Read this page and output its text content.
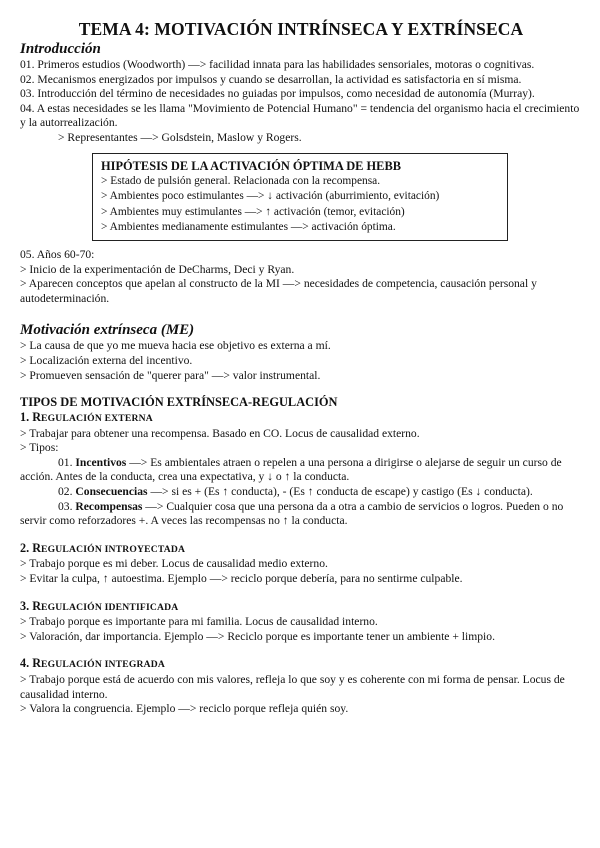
TEMA 4: MOTIVACIÓN INTRÍNSECA Y EXTRÍNSECA
Introducción

01. Primeros estudios (Woodworth) —> facilidad innata para las habilidades sensoriales, motoras o cognitivas.

02. Mecanismos energizados por impulsos y cuando se desarrollan, la actividad es satisfactoria en sí misma.

03. Introducción del término de necesidades no guiadas por impulsos, como necesidad de autonomía (Murray).

04. A estas necesidades se les llama "Movimiento de Potencial Humano" = tendencia del organismo hacia el crecimiento y la autorrealización.

> Representantes —> Golsdstein, Maslow y Rogers.

HIPÓTESIS DE LA ACTIVACIÓN ÓPTIMA DE HEBB
> Estado de pulsión general. Relacionada con la recompensa.
> Ambientes poco estimulantes —> ↓ activación (aburrimiento, evitación)
> Ambientes muy estimulantes —> ↑ activación (temor, evitación)
> Ambientes medianamente estimulantes —> activación óptima.

05. Años 60-70:

> Inicio de la experimentación de DeCharms, Deci y Ryan.

> Aparecen conceptos que apelan al constructo de la MI —> necesidades de competencia, causación personal y autodeterminación.

Motivación extrínseca (ME)

> La causa de que yo me mueva hacia ese objetivo es externa a mí.

> Localización externa del incentivo.

> Promueven sensación de "querer para" —> valor instrumental.

TIPOS DE MOTIVACIÓN EXTRÍNSECA-REGULACIÓN
1. REGULACIÓN EXTERNA

> Trabajar para obtener una recompensa. Basado en CO. Locus de causalidad externo.

> Tipos:

01. Incentivos —> Es ambientales atraen o repelen a una persona a dirigirse o alejarse de seguir un curso de acción. Antes de la conducta, crea una expectativa, y ↓ o ↑ la conducta.

02. Consecuencias —> si es + (Es ↑ conducta), - (Es ↑ conducta de escape) y castigo (Es ↓ conducta).

03. Recompensas —> Cualquier cosa que una persona da a otra a cambio de servicios o logros. Pueden o no servir como reforzadores +. A veces las recompensas no ↑ la conducta.

2. REGULACIÓN INTROYECTADA

> Trabajo porque es mi deber. Locus de causalidad medio externo.

> Evitar la culpa, ↑ autoestima. Ejemplo —> reciclo porque debería, para no sentirme culpable.

3. REGULACIÓN IDENTIFICADA

> Trabajo porque es importante para mi familia. Locus de causalidad interno.

> Valoración, dar importancia. Ejemplo —> Reciclo porque es importante tener un ambiente + limpio.

4. REGULACIÓN INTEGRADA

> Trabajo porque está de acuerdo con mis valores, refleja lo que soy y es coherente con mi forma de pensar. Locus de causalidad interno.

> Valora la congruencia. Ejemplo —> reciclo porque refleja quién soy.
